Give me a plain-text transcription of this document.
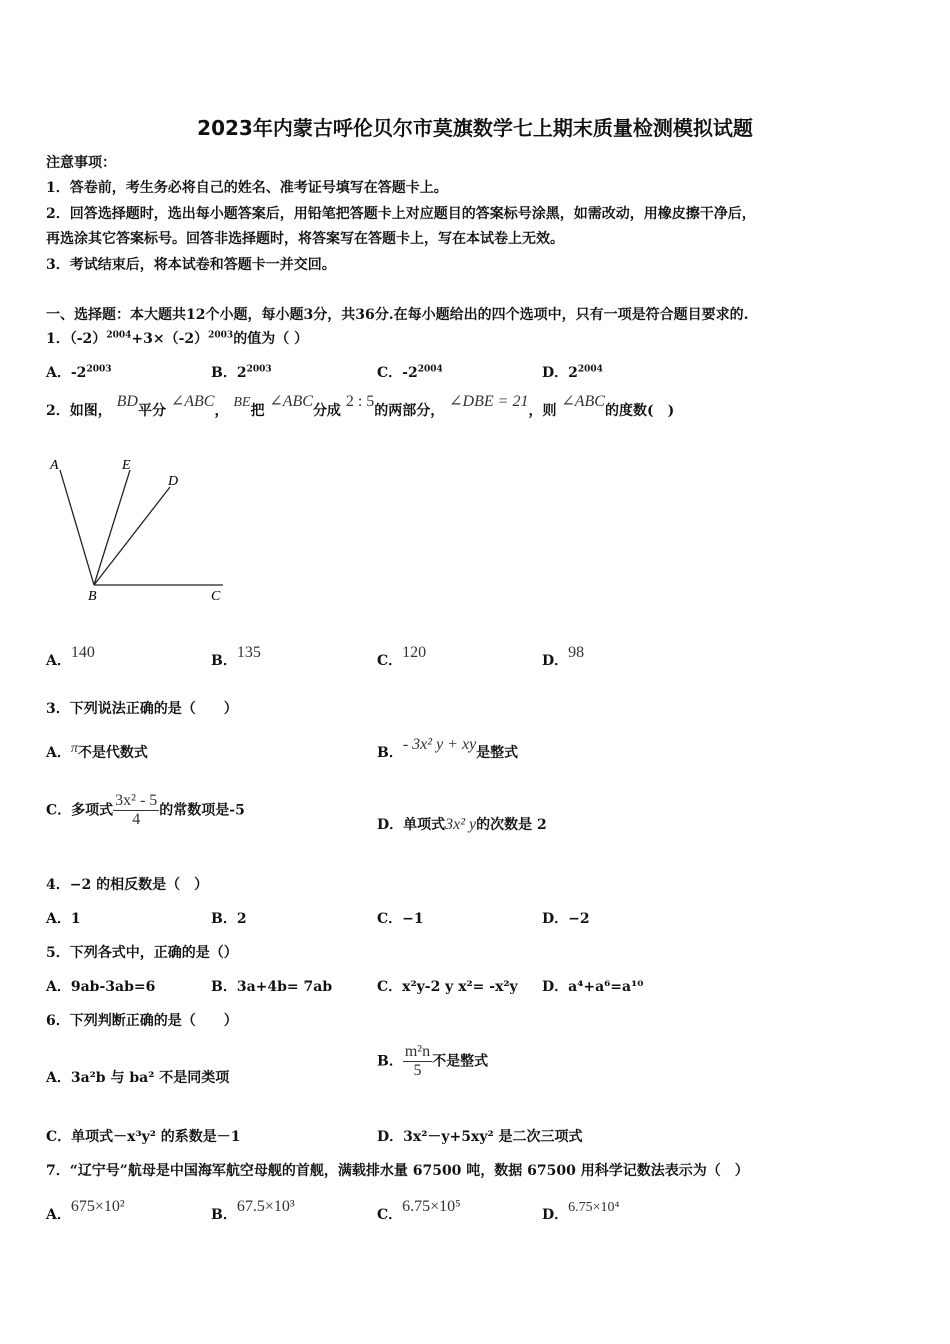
2023年内蒙古呼伦贝尔市莫旗数学七上期末质量检测模拟试题
注意事项：
1．答卷前，考生务必将自己的姓名、准考证号填写在答题卡上。
2．回答选择题时，选出每小题答案后，用铅笔把答题卡上对应题目的答案标号涂黑，如需改动，用橡皮擦干净后，
再选涂其它答案标号。回答非选择题时，将答案写在答题卡上，写在本试卷上无效。
3．考试结束后，将本试卷和答题卡一并交回。
一、选择题：本大题共12个小题，每小题3分，共36分.在每小题给出的四个选项中，只有一项是符合题目要求的.
1．$(-2)^{2004}+3\times(-2)^{2003}$的值为（ ）
A．$-2^{2003}$	B．$2^{2003}$	C．$-2^{2004}$	D．$2^{2004}$
2．如图， BD平分 ∠ABC， BE把 ∠ABC分成 2 : 5的两部分， ∠DBE = 21，则 ∠ABC的度数(　)
A	E
D
B	C
A．140	B．135	C．120	D．98
3．下列说法正确的是（　　）
A．π不是代数式	B．- 3x² y + xy是整式
C．多项式 $\frac{\text{3x² - 5}}{4}$ 的常数项是-5
D．单项式3x² y的次数是 2
4．−2 的相反数是（　）
A．1	B．2	C．−1	D．−2
5．下列各式中，正确的是（）
A．9ab-3ab=6	B．3a+4b= 7ab	C．x²y-2 y x²= -x²y D．a⁴+a⁶=a¹⁰
6．下列判断正确的是（　　）
A．3a²b 与 ba² 不是同类项
B． $\frac{\text{m²n}}{5}$ 不是整式
C．单项式－x³y² 的系数是－1	D．3x²－y+5xy² 是二次三项式
7．“辽宁号”航母是中国海军航空母舰的首舰，满载排水量 67500 吨，数据 67500 用科学记数法表示为（　）
A．675×10²	B．67.5×10³	C．6.75×10⁵	D．6.75×10⁴
